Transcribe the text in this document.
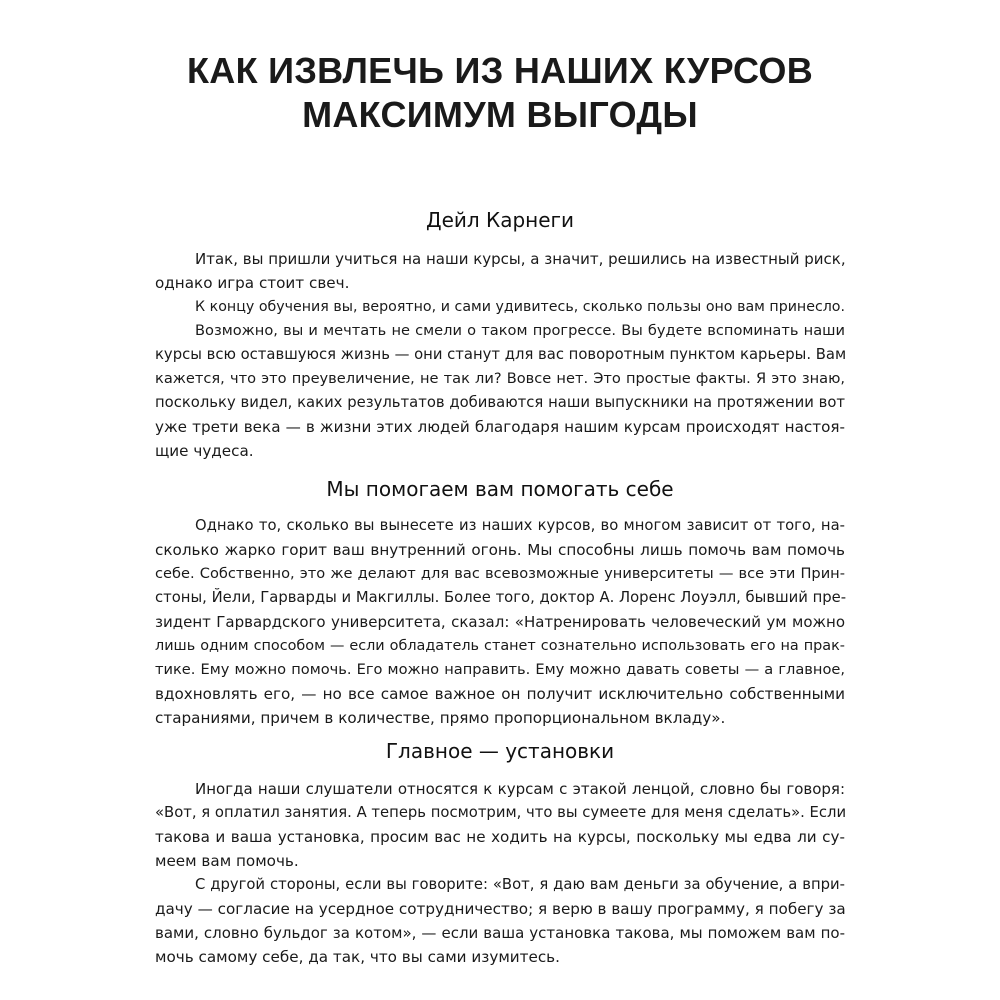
КАК ИЗВЛЕЧЬ ИЗ НАШИХ КУРСОВ
МАКСИМУМ ВЫГОДЫ
Дейл Карнеги
Итак, вы пришли учиться на наши курсы, а значит, решились на известный риск,
однако игра стоит свеч.
К концу обучения вы, вероятно, и сами удивитесь, сколько пользы оно вам принесло.
Возможно, вы и мечтать не смели о таком прогрессе. Вы будете вспоминать наши
курсы всю оставшуюся жизнь — они станут для вас поворотным пунктом карьеры. Вам
кажется, что это преувеличение, не так ли? Вовсе нет. Это простые факты. Я это знаю,
поскольку видел, каких результатов добиваются наши выпускники на протяжении вот
уже трети века — в жизни этих людей благодаря нашим курсам происходят настоя-
щие чудеса.
Мы помогаем вам помогать себе
Однако то, сколько вы вынесете из наших курсов, во многом зависит от того, на-
сколько жарко горит ваш внутренний огонь. Мы способны лишь помочь вам помочь
себе. Собственно, это же делают для вас всевозможные университеты — все эти Прин-
стоны, Йели, Гарварды и Макгиллы. Более того, доктор А. Лоренс Лоуэлл, бывший пре-
зидент Гарвардского университета, сказал: «Натренировать человеческий ум можно
лишь одним способом — если обладатель станет сознательно использовать его на прак-
тике. Ему можно помочь. Его можно направить. Ему можно давать советы — а главное,
вдохновлять его, — но все самое важное он получит исключительно собственными
стараниями, причем в количестве, прямо пропорциональном вкладу».
Главное — установки
Иногда наши слушатели относятся к курсам с этакой ленцой, словно бы говоря:
«Вот, я оплатил занятия. А теперь посмотрим, что вы сумеете для меня сделать». Если
такова и ваша установка, просим вас не ходить на курсы, поскольку мы едва ли су-
меем вам помочь.
С другой стороны, если вы говорите: «Вот, я даю вам деньги за обучение, а впри-
дачу — согласие на усердное сотрудничество; я верю в вашу программу, я побегу за
вами, словно бульдог за котом», — если ваша установка такова, мы поможем вам по-
мочь самому себе, да так, что вы сами изумитесь.
